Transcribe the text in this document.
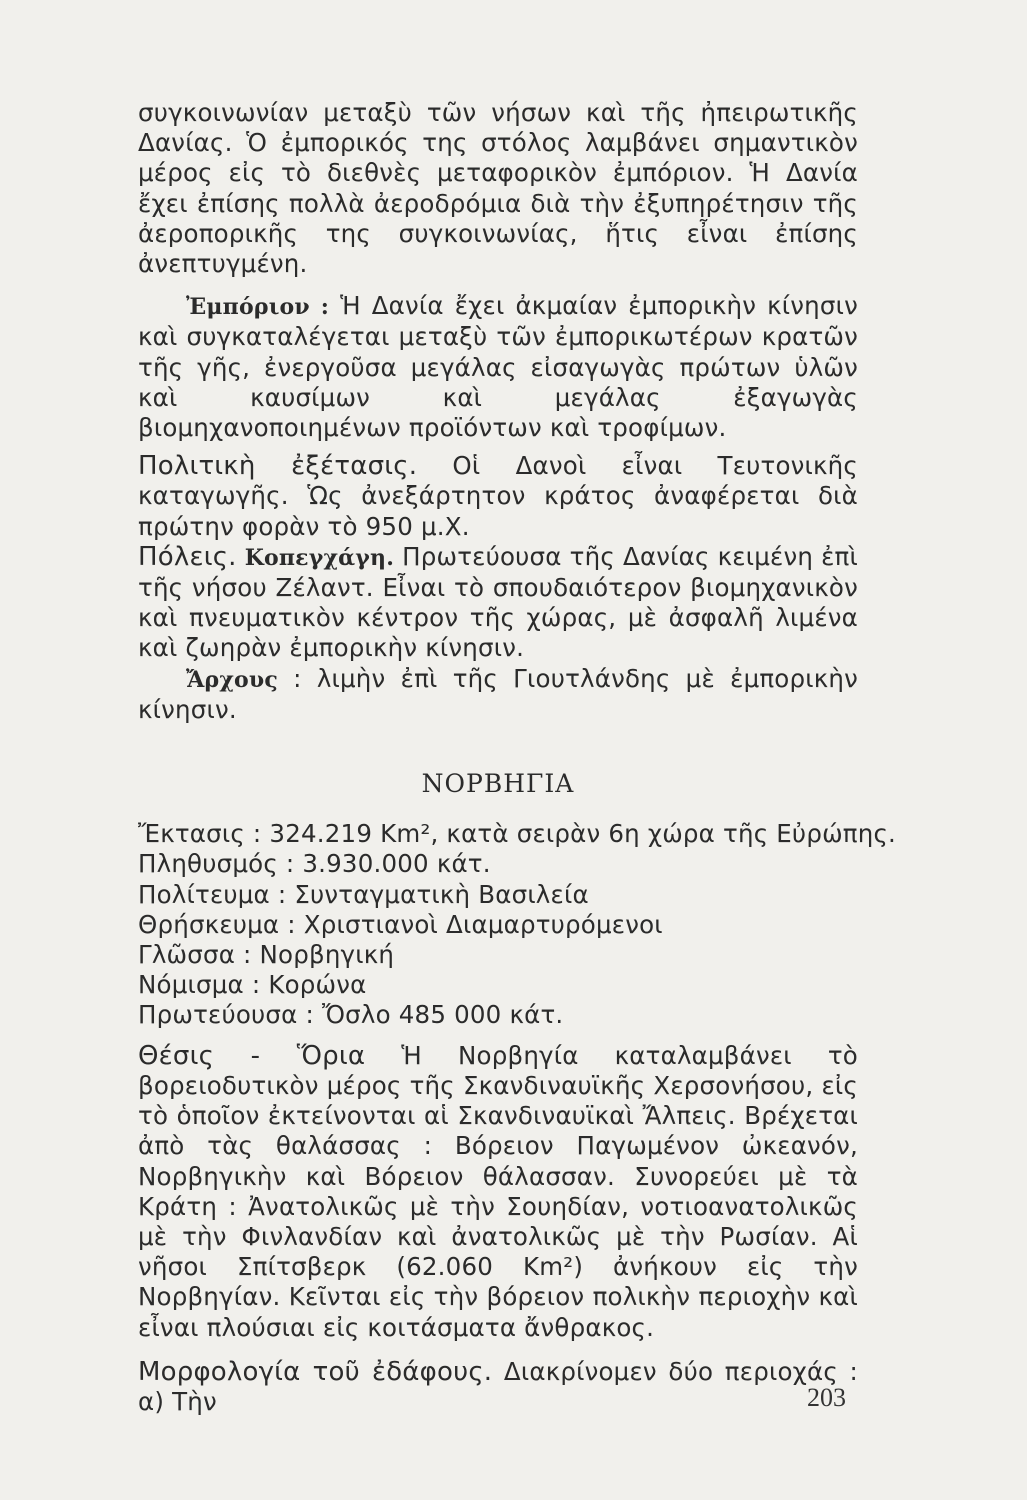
συγκοινωνίαν μεταξὺ τῶν νήσων καὶ τῆς ἠπειρωτικῆς Δανίας. Ὁ ἐμπορικός της στόλος λαμβάνει σημαντικὸν μέρος εἰς τὸ διεθνὲς μεταφορικὸν ἐμπόριον. Ἡ Δανία ἔχει ἐπίσης πολλὰ ἀεροδρόμια διὰ τὴν ἐξυπηρέτησιν τῆς ἀεροπορικῆς της συγκοινωνίας, ἥτις εἶναι ἐπίσης ἀνεπτυγμένη.

Ἐμπόριον : Ἡ Δανία ἔχει ἀκμαίαν ἐμπορικὴν κίνησιν καὶ συγκαταλέγεται μεταξὺ τῶν ἐμπορικωτέρων κρατῶν τῆς γῆς, ἐνεργοῦσα μεγάλας εἰσαγωγὰς πρώτων ὑλῶν καὶ καυσίμων καὶ μεγάλας ἐξαγωγὰς βιομηχανοποιημένων προϊόντων καὶ τροφίμων.

Πολιτικὴ ἐξέτασις. Οἱ Δανοὶ εἶναι Τευτονικῆς καταγωγῆς. Ὡς ἀνεξάρτητον κράτος ἀναφέρεται διὰ πρώτην φορὰν τὸ 950 μ.Χ.

Πόλεις. Κοπεγχάγη. Πρωτεύουσα τῆς Δανίας κειμένη ἐπὶ τῆς νήσου Ζέλαντ. Εἶναι τὸ σπουδαιότερον βιομηχανικὸν καὶ πνευματικὸν κέντρον τῆς χώρας, μὲ ἀσφαλῆ λιμένα καὶ ζωηρὰν ἐμπορικὴν κίνησιν.

Ἄρχους : λιμὴν ἐπὶ τῆς Γιουτλάνδης μὲ ἐμπορικὴν κίνησιν.

ΝΟΡΒΗΓΙΑ

Ἔκτασις : 324.219 Km², κατὰ σειρὰν 6η χώρα τῆς Εὐρώπης.
Πληθυσμός : 3.930.000 κάτ.
Πολίτευμα : Συνταγματικὴ Βασιλεία
Θρήσκευμα : Χριστιανοὶ Διαμαρτυρόμενοι
Γλῶσσα : Νορβηγική
Νόμισμα : Κορώνα
Πρωτεύουσα : Ὄσλο 485 000 κάτ.

Θέσις - Ὅρια Ἡ Νορβηγία καταλαμβάνει τὸ βορειοδυτικὸν μέρος τῆς Σκανδιναυϊκῆς Χερσονήσου, εἰς τὸ ὁποῖον ἐκτείνονται αἱ Σκανδιναυϊκαὶ Ἄλπεις. Βρέχεται ἀπὸ τὰς θαλάσσας : Βόρειον Παγωμένον ὠκεανόν, Νορβηγικὴν καὶ Βόρειον θάλασσαν. Συνορεύει μὲ τὰ Κράτη : Ἀνατολικῶς μὲ τὴν Σουηδίαν, νοτιοανατολικῶς μὲ τὴν Φινλανδίαν καὶ ἀνατολικῶς μὲ τὴν Ρωσίαν. Αἱ νῆσοι Σπίτσβερκ (62.060 Km²) ἀνήκουν εἰς τὴν Νορβηγίαν. Κεῖνται εἰς τὴν βόρειον πολικὴν περιοχὴν καὶ εἶναι πλούσιαι εἰς κοιτάσματα ἄνθρακος.

Μορφολογία τοῦ ἐδάφους. Διακρίνομεν δύο περιοχάς : α) Τὴν	203
